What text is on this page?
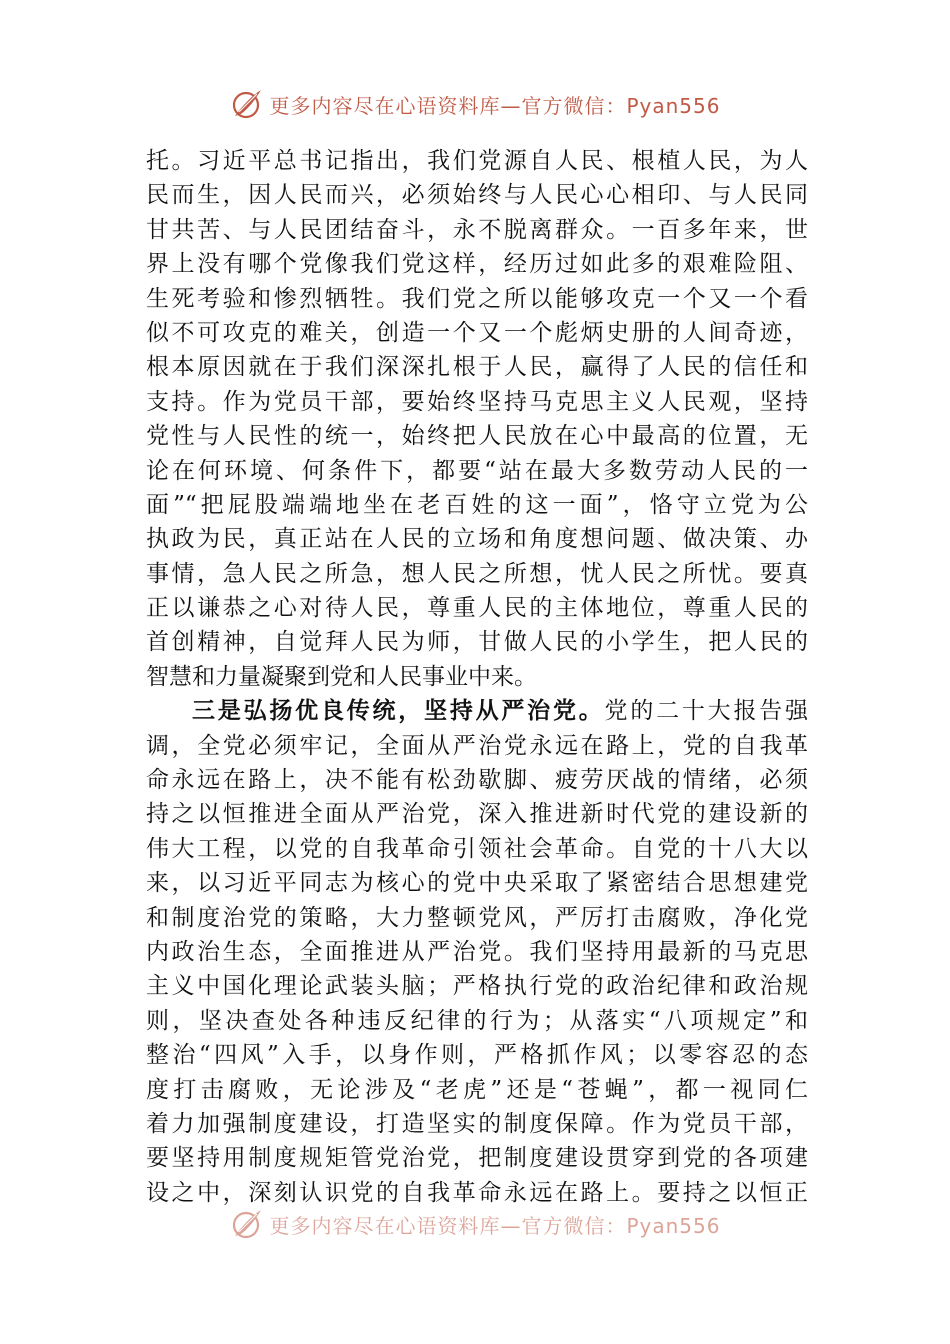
更多内容尽在心语资料库—官方微信：Pyan556
托。习近平总书记指出，我们党源自人民、根植人民，为人
民而生，因人民而兴，必须始终与人民心心相印、与人民同
甘共苦、与人民团结奋斗，永不脱离群众。一百多年来，世
界上没有哪个党像我们党这样，经历过如此多的艰难险阻、
生死考验和惨烈牺牲。我们党之所以能够攻克一个又一个看
似不可攻克的难关，创造一个又一个彪炳史册的人间奇迹，
根本原因就在于我们深深扎根于人民，赢得了人民的信任和
支持。作为党员干部，要始终坚持马克思主义人民观，坚持
党性与人民性的统一，始终把人民放在心中最高的位置，无
论在何环境、何条件下，都要“站在最大多数劳动人民的一
面”“把屁股端端地坐在老百姓的这一面”，恪守立党为公
执政为民，真正站在人民的立场和角度想问题、做决策、办
事情，急人民之所急，想人民之所想，忧人民之所忧。要真
正以谦恭之心对待人民，尊重人民的主体地位，尊重人民的
首创精神，自觉拜人民为师，甘做人民的小学生，把人民的
智慧和力量凝聚到党和人民事业中来。
三是弘扬优良传统，坚持从严治党。党的二十大报告强
调，全党必须牢记，全面从严治党永远在路上，党的自我革
命永远在路上，决不能有松劲歇脚、疲劳厌战的情绪，必须
持之以恒推进全面从严治党，深入推进新时代党的建设新的
伟大工程，以党的自我革命引领社会革命。自党的十八大以
来，以习近平同志为核心的党中央采取了紧密结合思想建党
和制度治党的策略，大力整顿党风，严厉打击腐败，净化党
内政治生态，全面推进从严治党。我们坚持用最新的马克思
主义中国化理论武装头脑；严格执行党的政治纪律和政治规
则，坚决查处各种违反纪律的行为；从落实“八项规定”和
整治“四风”入手，以身作则，严格抓作风；以零容忍的态
度打击腐败，无论涉及“老虎”还是“苍蝇”，都一视同仁
着力加强制度建设，打造坚实的制度保障。作为党员干部，
要坚持用制度规矩管党治党，把制度建设贯穿到党的各项建
设之中，深刻认识党的自我革命永远在路上。要持之以恒正
更多内容尽在心语资料库—官方微信：Pyan556
